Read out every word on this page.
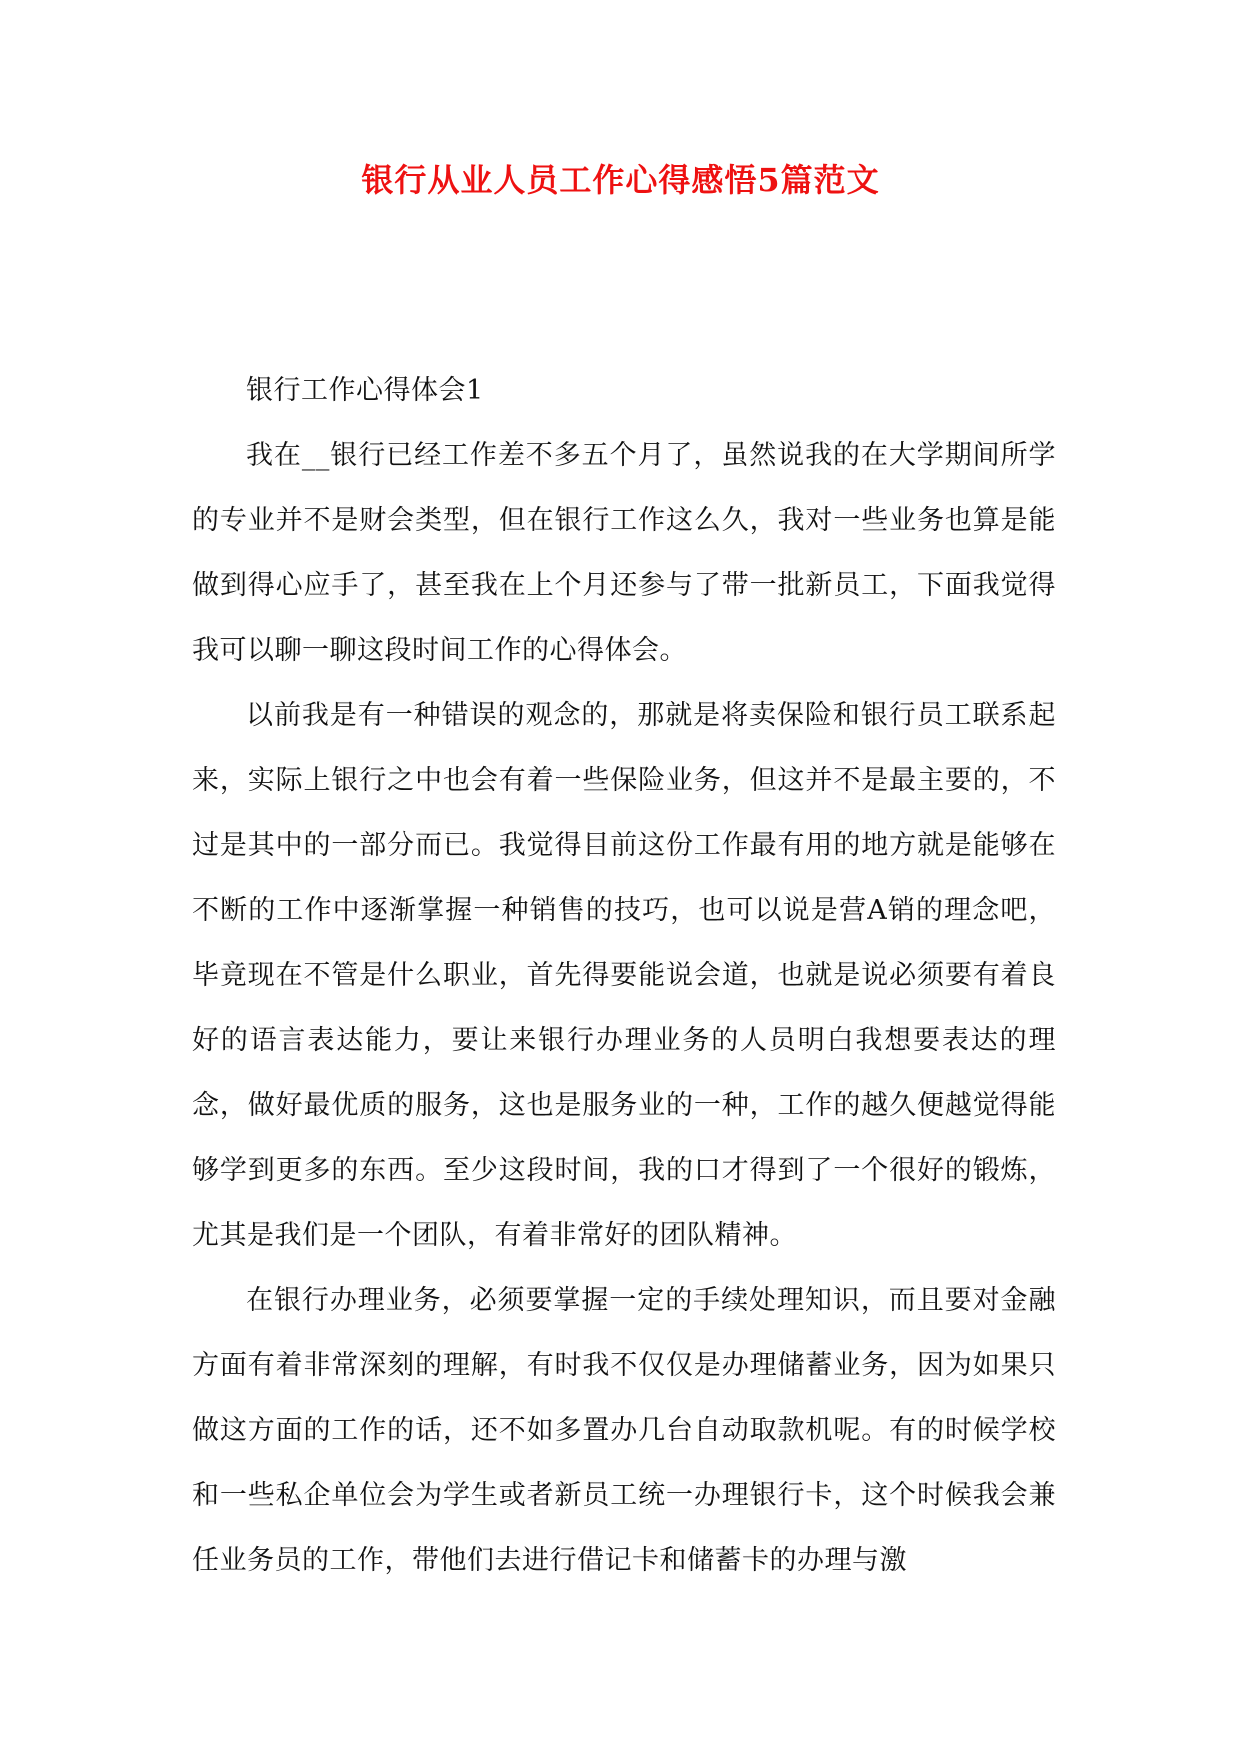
银行从业人员工作心得感悟5篇范文

银行工作心得体会1

我在__银行已经工作差不多五个月了，虽然说我的在大学期间所学的专业并不是财会类型，但在银行工作这么久，我对一些业务也算是能做到得心应手了，甚至我在上个月还参与了带一批新员工，下面我觉得我可以聊一聊这段时间工作的心得体会。

以前我是有一种错误的观念的，那就是将卖保险和银行员工联系起来，实际上银行之中也会有着一些保险业务，但这并不是最主要的，不过是其中的一部分而已。我觉得目前这份工作最有用的地方就是能够在不断的工作中逐渐掌握一种销售的技巧，也可以说是营A销的理念吧，毕竟现在不管是什么职业，首先得要能说会道，也就是说必须要有着良好的语言表达能力，要让来银行办理业务的人员明白我想要表达的理念，做好最优质的服务，这也是服务业的一种，工作的越久便越觉得能够学到更多的东西。至少这段时间，我的口才得到了一个很好的锻炼，尤其是我们是一个团队，有着非常好的团队精神。

在银行办理业务，必须要掌握一定的手续处理知识，而且要对金融方面有着非常深刻的理解，有时我不仅仅是办理储蓄业务，因为如果只做这方面的工作的话，还不如多置办几台自动取款机呢。有的时候学校和一些私企单位会为学生或者新员工统一办理银行卡，这个时候我会兼任业务员的工作，带他们去进行借记卡和储蓄卡的办理与激
